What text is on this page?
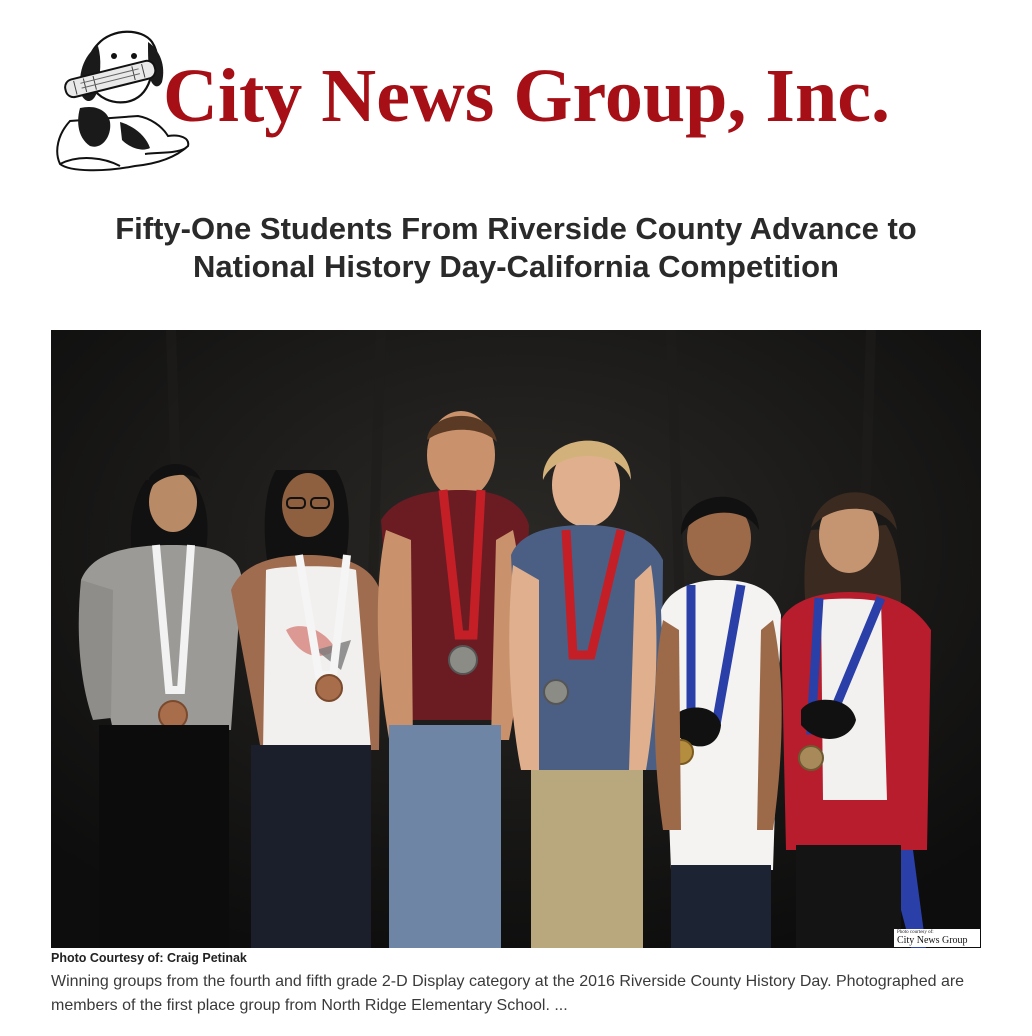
City News Group, Inc.
Fifty-One Students From Riverside County Advance to National History Day-California Competition
Photo courtesy of:
City News Group
Photo Courtesy of: Craig Petinak

Winning groups from the fourth and fifth grade 2-D Display category at the 2016 Riverside County History Day. Photographed are members of the first place group from North Ridge Elementary School. ...
